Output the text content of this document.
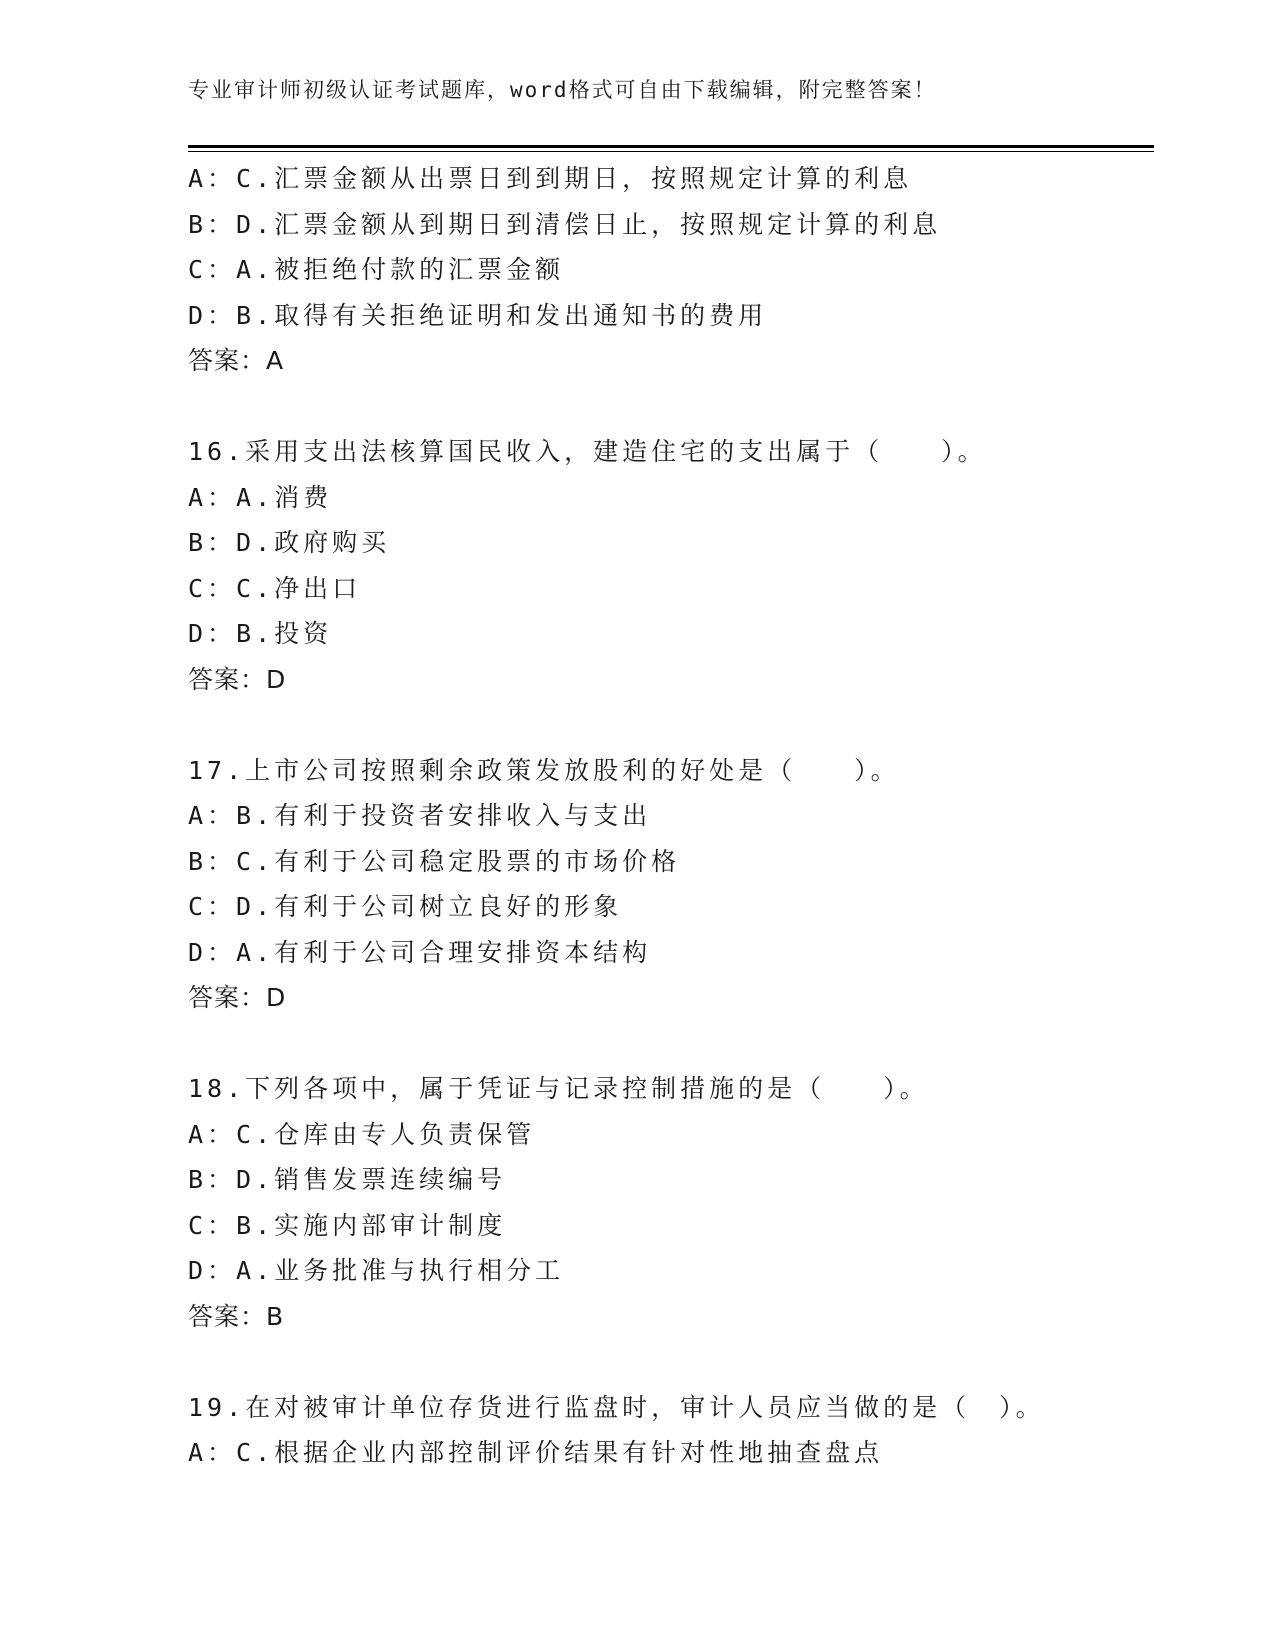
专业审计师初级认证考试题库，word格式可自由下载编辑，附完整答案！
A：C.汇票金额从出票日到到期日，按照规定计算的利息
B：D.汇票金额从到期日到清偿日止，按照规定计算的利息
C：A.被拒绝付款的汇票金额
D：B.取得有关拒绝证明和发出通知书的费用
答案：A
16.采用支出法核算国民收入，建造住宅的支出属于（　　）。
A：A.消费
B：D.政府购买
C：C.净出口
D：B.投资
答案：D
17.上市公司按照剩余政策发放股利的好处是（　　）。
A：B.有利于投资者安排收入与支出
B：C.有利于公司稳定股票的市场价格
C：D.有利于公司树立良好的形象
D：A.有利于公司合理安排资本结构
答案：D
18.下列各项中，属于凭证与记录控制措施的是（　　）。
A：C.仓库由专人负责保管
B：D.销售发票连续编号
C：B.实施内部审计制度
D：A.业务批准与执行相分工
答案：B
19.在对被审计单位存货进行监盘时，审计人员应当做的是（　）。
A：C.根据企业内部控制评价结果有针对性地抽查盘点
